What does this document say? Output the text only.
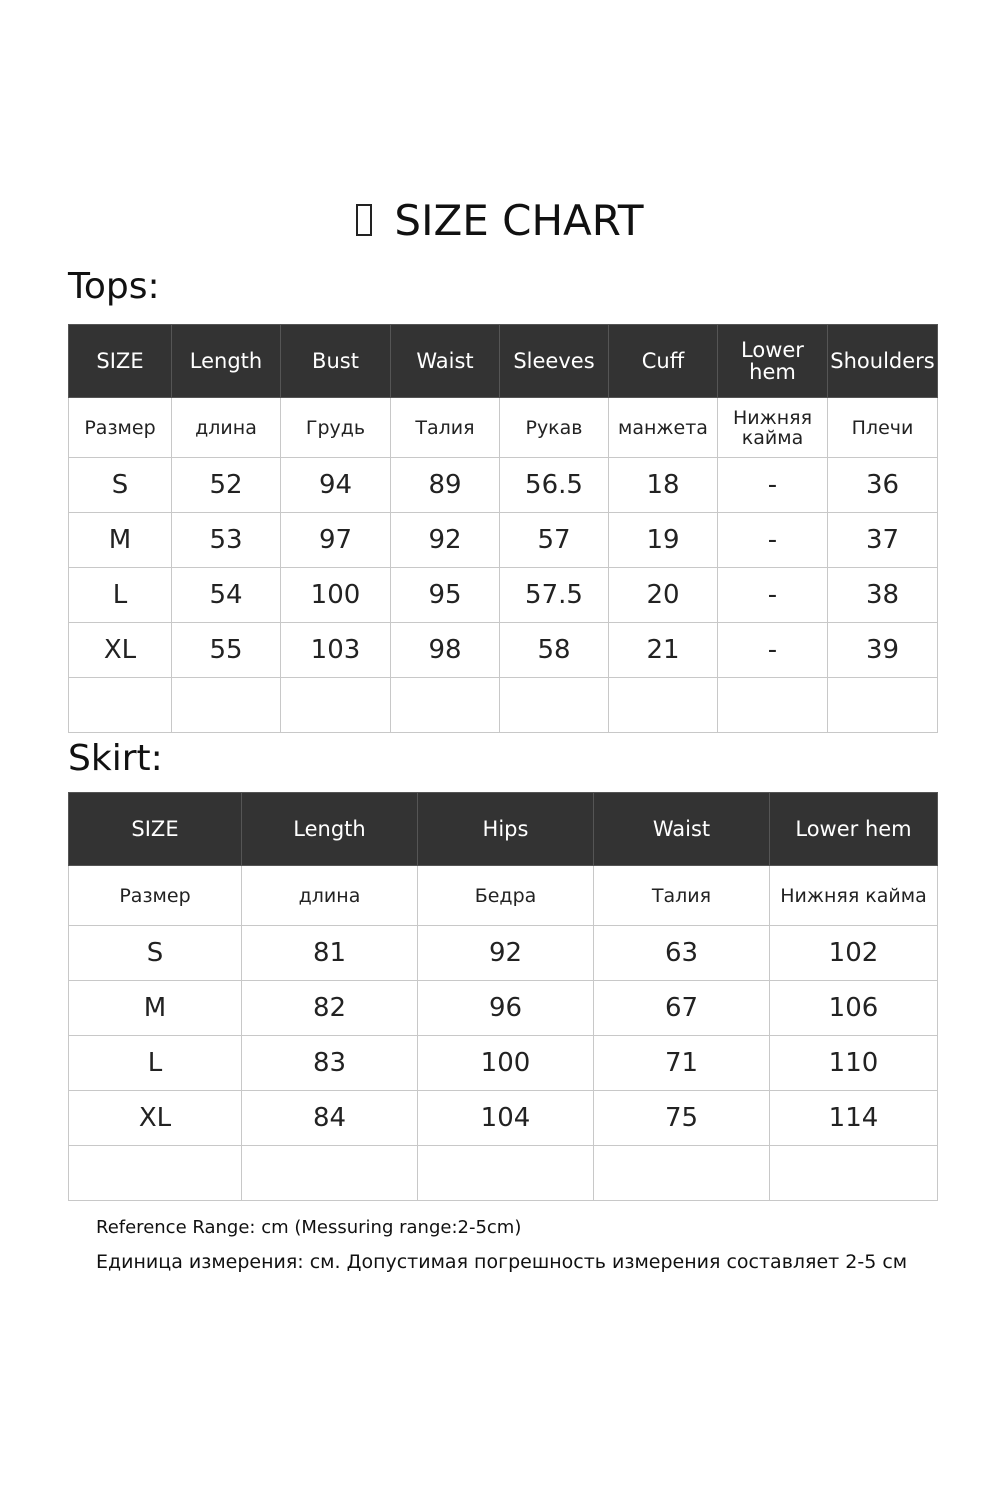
SIZE CHART
Tops:
SIZE	Length	Bust	Waist	Sleeves	Cuff	Lower hem	Shoulders
Размер	длина	Грудь	Талия	Рукав	манжета	Нижняя кайма	Плечи
S	52	94	89	56.5	18	-	36
M	53	97	92	57	19	-	37
L	54	100	95	57.5	20	-	38
XL	55	103	98	58	21	-	39

Skirt:
SIZE	Length	Hips	Waist	Lower hem
Размер	длина	Бедра	Талия	Нижняя кайма
S	81	92	63	102
M	82	96	67	106
L	83	100	71	110
XL	84	104	75	114

Reference Range: cm (Messuring range:2-5cm)
Единица измерения: см. Допустимая погрешность измерения составляет 2-5 см
